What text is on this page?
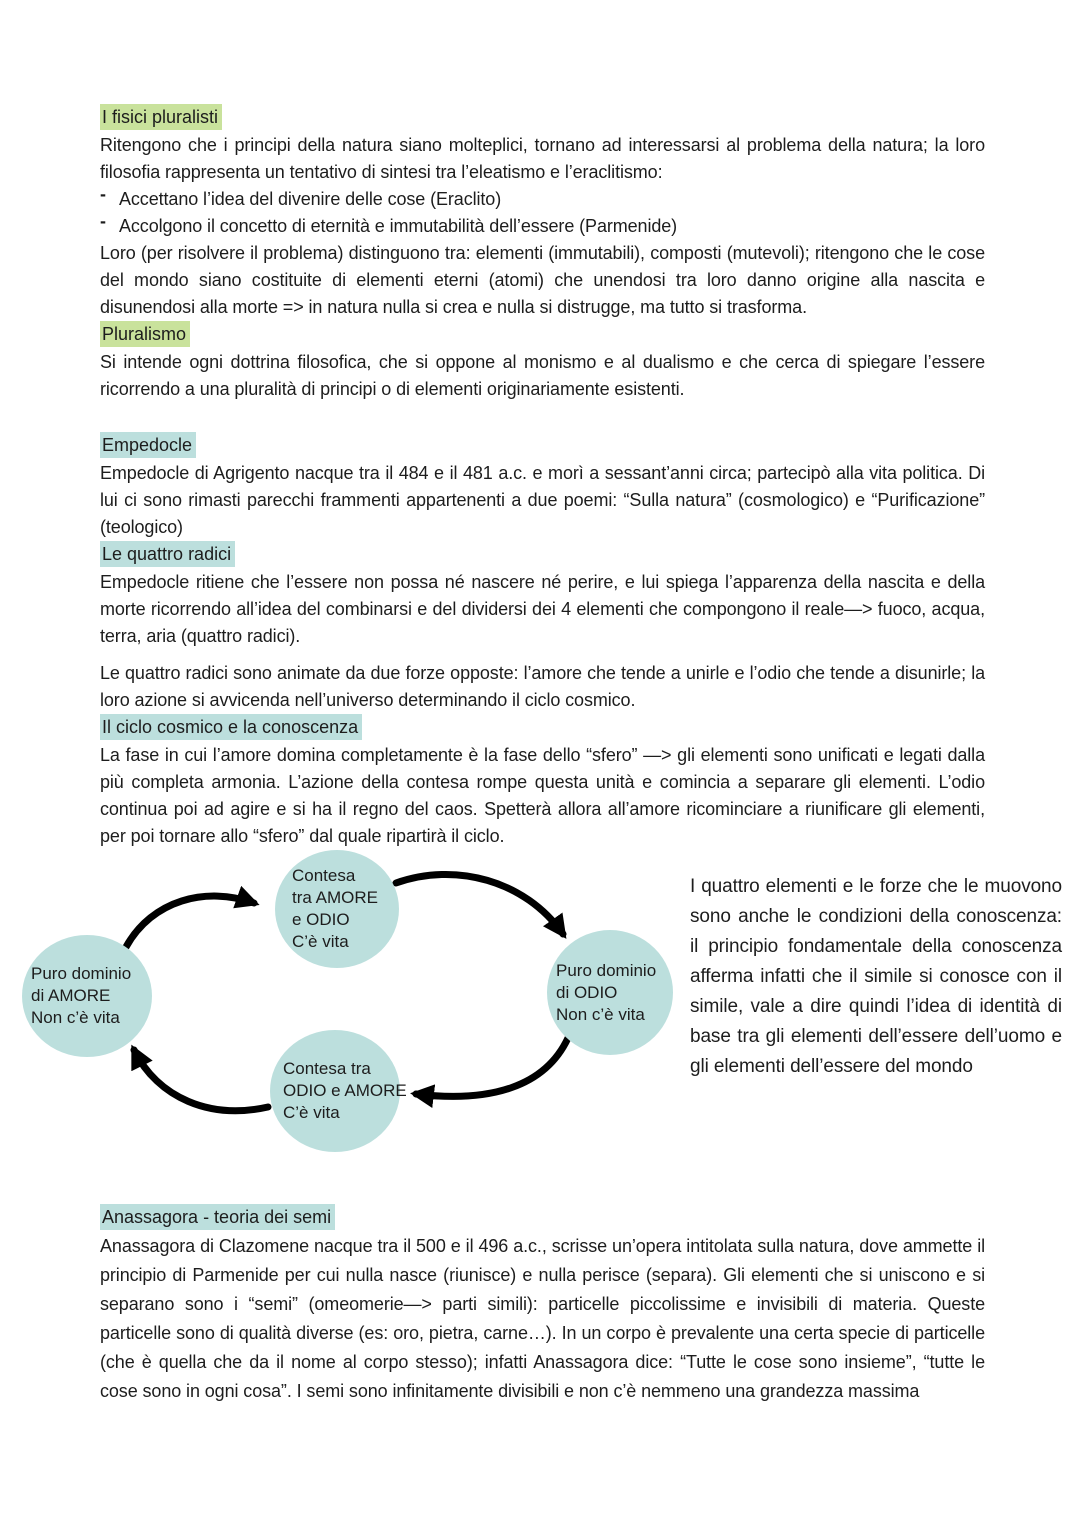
I fisici pluralisti

Ritengono che i principi della natura siano molteplici, tornano ad interessarsi al problema della natura; la loro filosofia rappresenta un tentativo di sintesi tra l’eleatismo e l’eraclitismo:

- Accettano l’idea del divenire delle cose (Eraclito)
- Accolgono il concetto di eternità e immutabilità dell’essere (Parmenide)

Loro (per risolvere il problema) distinguono tra: elementi (immutabili), composti (mutevoli); ritengono che le cose del mondo siano costituite di elementi eterni (atomi) che unendosi tra loro danno origine alla nascita e disunendosi alla morte => in natura nulla si crea e nulla si distrugge, ma tutto si trasforma.

Pluralismo

Si intende ogni dottrina filosofica, che si oppone al monismo e al dualismo e che cerca di spiegare l’essere ricorrendo a una pluralità di principi o di elementi originariamente esistenti.

Empedocle

Empedocle di Agrigento nacque tra il 484 e il 481 a.c. e morì a sessant’anni circa; partecipò alla vita politica. Di lui ci sono rimasti parecchi frammenti appartenenti a due poemi: “Sulla natura” (cosmologico) e “Purificazione” (teologico)

Le quattro radici

Empedocle ritiene che l’essere non possa né nascere né perire, e lui spiega l’apparenza della nascita e della morte ricorrendo all’idea del combinarsi e del dividersi dei 4 elementi che compongono il reale—> fuoco, acqua, terra, aria (quattro radici).

Le quattro radici sono animate da due forze opposte: l’amore che tende a unirle e l’odio che tende a disunirle; la loro azione si avvicenda nell’universo determinando il ciclo cosmico.

Il ciclo cosmico e la conoscenza

La fase in cui l’amore domina completamente è la fase dello “sfero” —> gli elementi sono unificati e legati dalla più completa armonia. L’azione della contesa rompe questa unità e comincia a separare gli elementi. L’odio continua poi ad agire e si ha il regno del caos. Spetterà allora all’amore ricominciare a riunificare gli elementi, per poi tornare allo “sfero” dal quale ripartirà il ciclo.

Puro dominio
di AMORE
Non c’è vita
Contesa
tra AMORE
e ODIO
C’è vita
Puro dominio
di ODIO
Non c’è vita
Contesa tra
ODIO e AMORE
C’è vita
I quattro elementi e le forze che le muovono sono anche le condizioni della conoscenza: il principio fondamentale della conoscenza afferma infatti che il simile si conosce con il simile, vale a dire quindi l’idea di identità di base tra gli elementi dell’essere dell’uomo e gli elementi dell’essere del mondo
Anassagora - teoria dei semi

Anassagora di Clazomene nacque tra il 500 e il 496 a.c., scrisse un’opera intitolata sulla natura, dove ammette il principio di Parmenide per cui nulla nasce (riunisce) e nulla perisce (separa). Gli elementi che si uniscono e si separano sono i “semi” (omeomerie—> parti simili): particelle piccolissime e invisibili di materia. Queste particelle sono di qualità diverse (es: oro, pietra, carne…). In un corpo è prevalente una certa specie di particelle (che è quella che da il nome al corpo stesso); infatti Anassagora dice: “Tutte le cose sono insieme”, “tutte le cose sono in ogni cosa”. I semi sono infinitamente divisibili e non c’è nemmeno una grandezza massima
